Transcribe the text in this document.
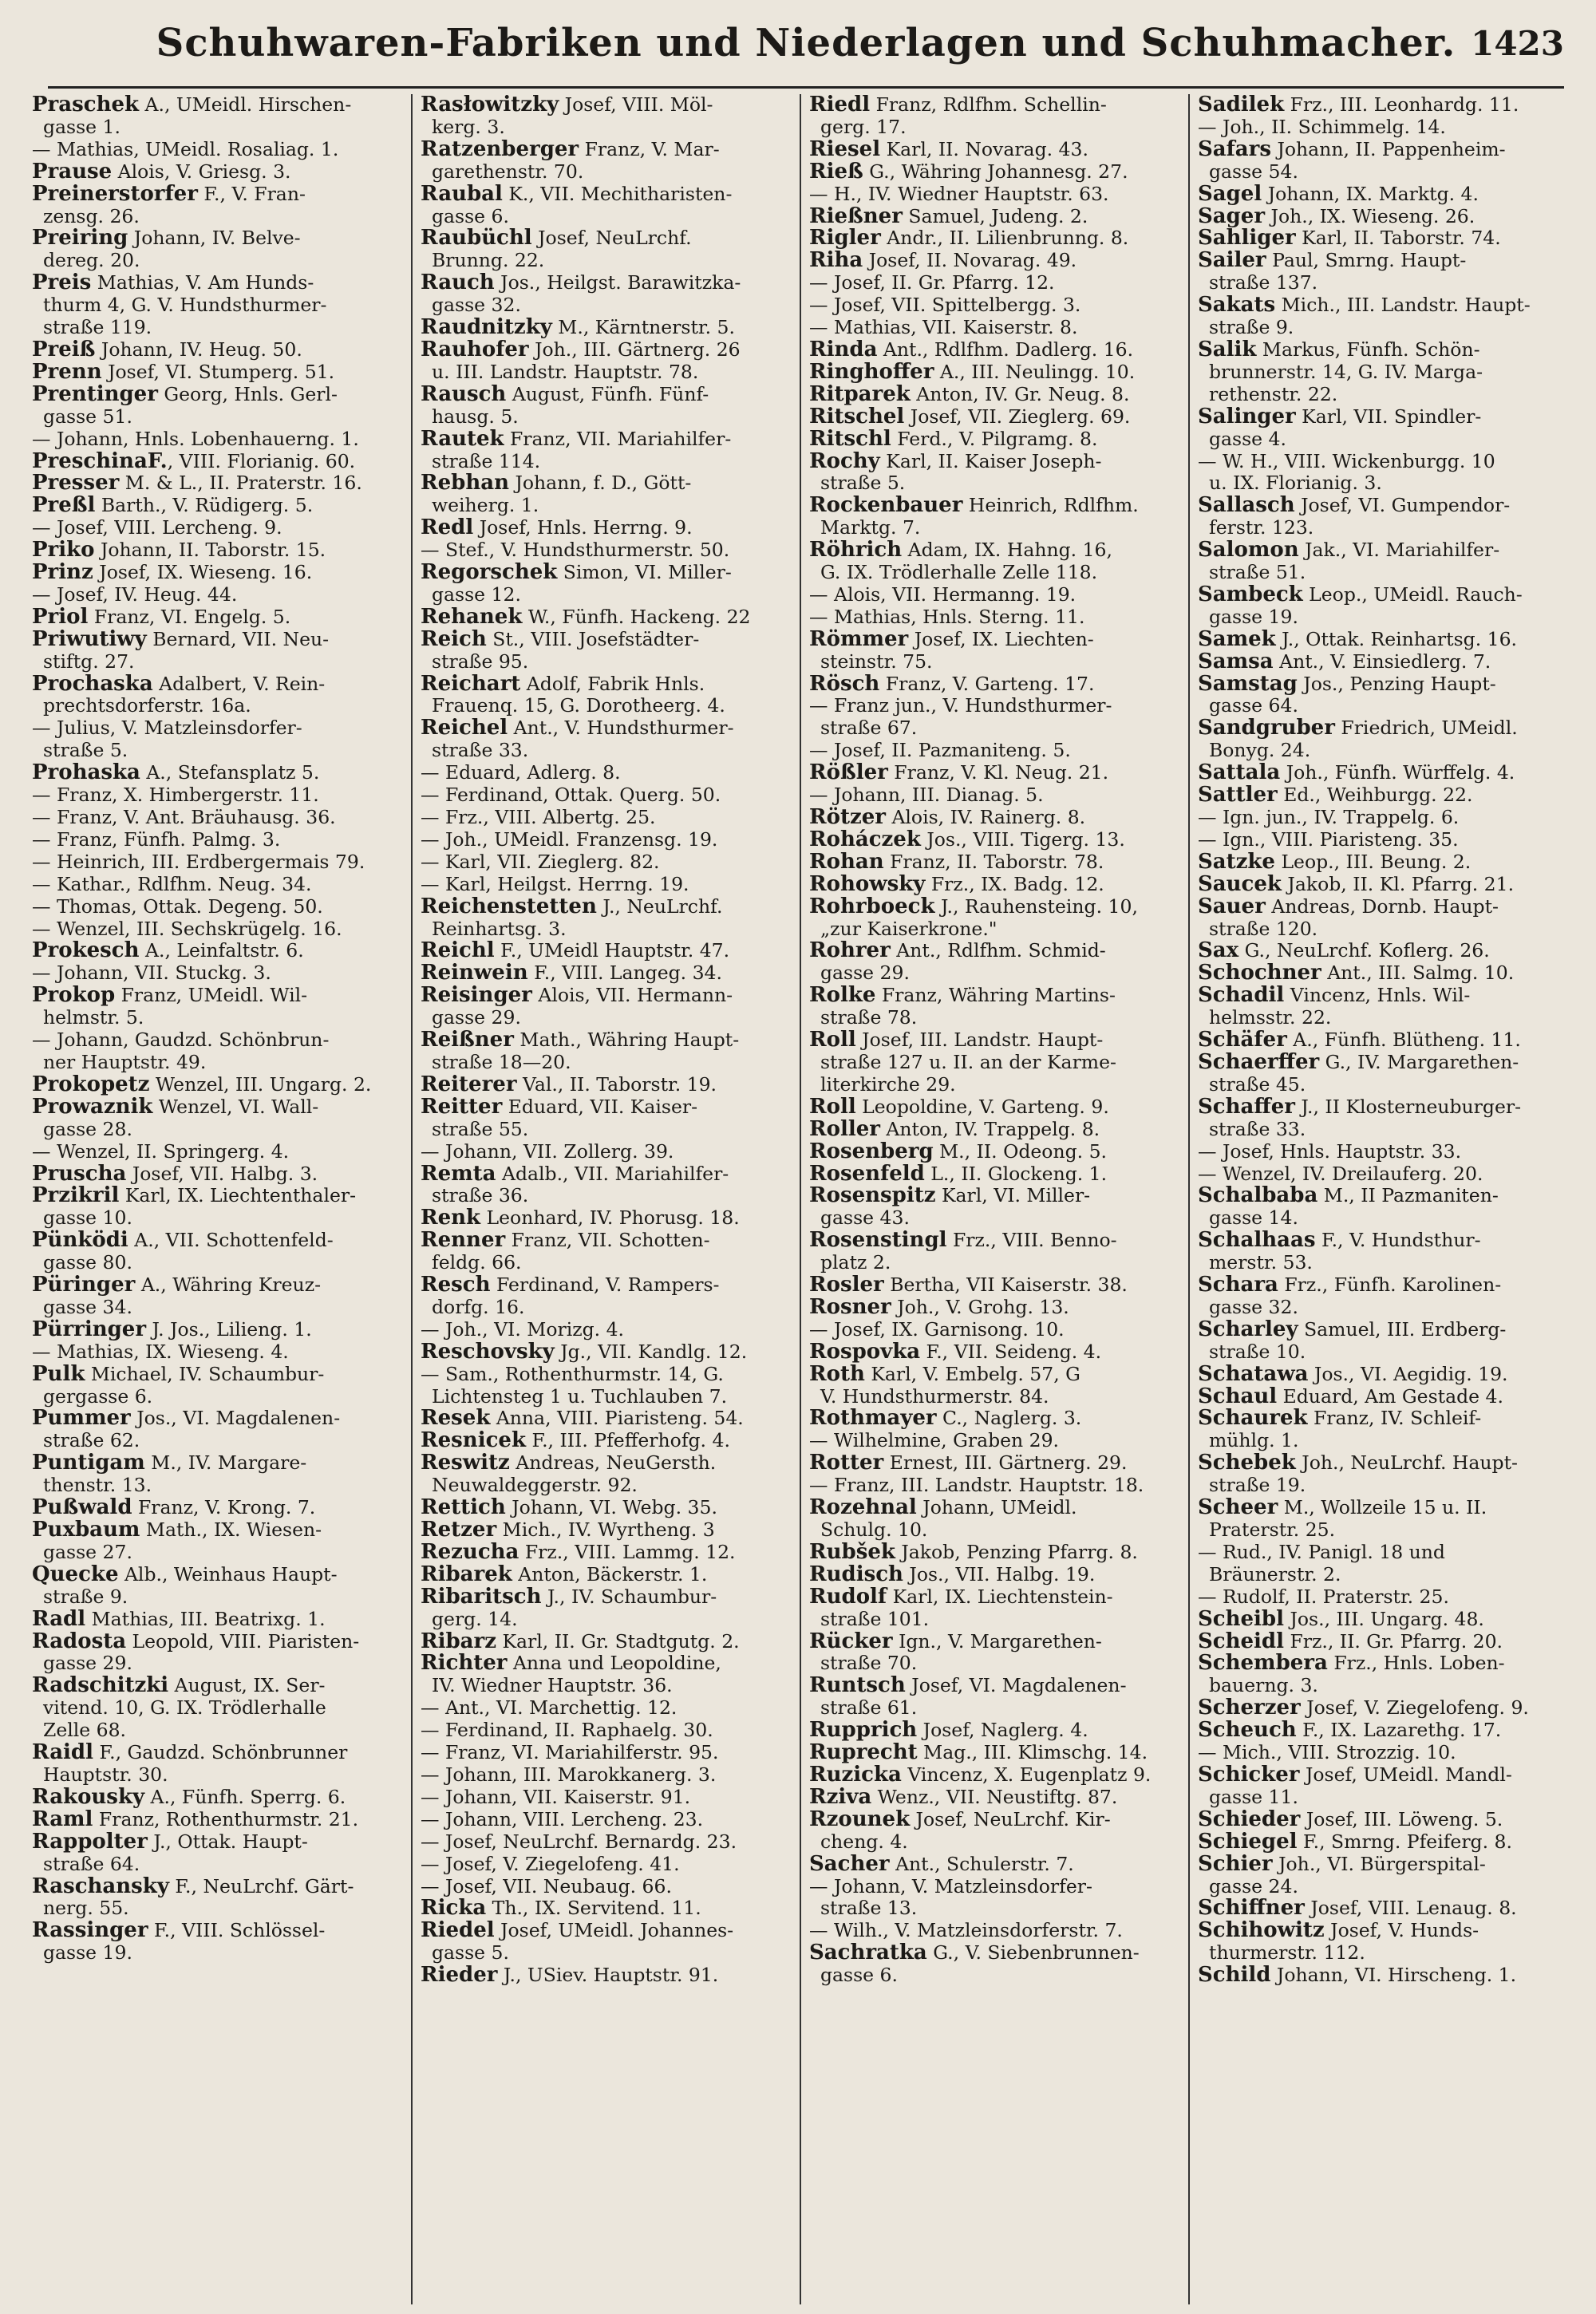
Schuhwaren-Fabriken und Niederlagen und Schuhmacher. 1423
Praschek A., UMeidl. Hirschen-
gasse 1.
— Mathias, UMeidl. Rosaliag. 1.
Prause Alois, V. Griesg. 3.
Preinerstorfer F., V. Fran-
zensg. 26.
Preiring Johann, IV. Belve-
dereg. 20.
Preis Mathias, V. Am Hunds-
thurm 4, G. V. Hundsthurmer-
straße 119.
Preiß Johann, IV. Heug. 50.
Prenn Josef, VI. Stumperg. 51.
Prentinger Georg, Hnls. Gerl-
gasse 51.
— Johann, Hnls. Lobenhauerng. 1.
PreschinaF., VIII. Florianig. 60.
Presser M. & L., II. Praterstr. 16.
Preßl Barth., V. Rüdigerg. 5.
— Josef, VIII. Lercheng. 9.
Priko Johann, II. Taborstr. 15.
Prinz Josef, IX. Wieseng. 16.
— Josef, IV. Heug. 44.
Priol Franz, VI. Engelg. 5.
Priwutiwy Bernard, VII. Neu-
stiftg. 27.
Prochaska Adalbert, V. Rein-
prechtsdorferstr. 16a.
— Julius, V. Matzleinsdorfer-
straße 5.
Prohaska A., Stefansplatz 5.
— Franz, X. Himbergerstr. 11.
— Franz, V. Ant. Bräuhausg. 36.
— Franz, Fünfh. Palmg. 3.
— Heinrich, III. Erdbergermais 79.
— Kathar., Rdlfhm. Neug. 34.
— Thomas, Ottak. Degeng. 50.
— Wenzel, III. Sechskrügelg. 16.
Prokesch A., Leinfaltstr. 6.
— Johann, VII. Stuckg. 3.
Prokop Franz, UMeidl. Wil-
helmstr. 5.
— Johann, Gaudzd. Schönbrun-
ner Hauptstr. 49.
Prokopetz Wenzel, III. Ungarg. 2.
Prowaznik Wenzel, VI. Wall-
gasse 28.
— Wenzel, II. Springerg. 4.
Pruscha Josef, VII. Halbg. 3.
Przikril Karl, IX. Liechtenthaler-
gasse 10.
Pünködi A., VII. Schottenfeld-
gasse 80.
Püringer A., Währing Kreuz-
gasse 34.
Pürringer J. Jos., Lilieng. 1.
— Mathias, IX. Wieseng. 4.
Pulk Michael, IV. Schaumbur-
gergasse 6.
Pummer Jos., VI. Magdalenen-
straße 62.
Puntigam M., IV. Margare-
thenstr. 13.
Pußwald Franz, V. Krong. 7.
Puxbaum Math., IX. Wiesen-
gasse 27.
Quecke Alb., Weinhaus Haupt-
straße 9.
Radl Mathias, III. Beatrixg. 1.
Radosta Leopold, VIII. Piaristen-
gasse 29.
Radschitzki August, IX. Ser-
vitend. 10, G. IX. Trödlerhalle
Zelle 68.
Raidl F., Gaudzd. Schönbrunner
Hauptstr. 30.
Rakousky A., Fünfh. Sperrg. 6.
Raml Franz, Rothenthurmstr. 21.
Rappolter J., Ottak. Haupt-
straße 64.
Raschansky F., NeuLrchf. Gärt-
nerg. 55.
Rassinger F., VIII. Schlössel-
gasse 19.
Rasłowitzky Josef, VIII. Möl-
kerg. 3.
Ratzenberger Franz, V. Mar-
garethenstr. 70.
Raubal K., VII. Mechitharisten-
gasse 6.
Raubüchl Josef, NeuLrchf.
Brunng. 22.
Rauch Jos., Heilgst. Barawitzka-
gasse 32.
Raudnitzky M., Kärntnerstr. 5.
Rauhofer Joh., III. Gärtnerg. 26
u. III. Landstr. Hauptstr. 78.
Rausch August, Fünfh. Fünf-
hausg. 5.
Rautek Franz, VII. Mariahilfer-
straße 114.
Rebhan Johann, f. D., Gött-
weiherg. 1.
Redl Josef, Hnls. Herrng. 9.
— Stef., V. Hundsthurmerstr. 50.
Regorschek Simon, VI. Miller-
gasse 12.
Rehanek W., Fünfh. Hackeng. 22
Reich St., VIII. Josefstädter-
straße 95.
Reichart Adolf, Fabrik Hnls.
Frauenq. 15, G. Dorotheerg. 4.
Reichel Ant., V. Hundsthurmer-
straße 33.
— Eduard, Adlerg. 8.
— Ferdinand, Ottak. Querg. 50.
— Frz., VIII. Albertg. 25.
— Joh., UMeidl. Franzensg. 19.
— Karl, VII. Zieglerg. 82.
— Karl, Heilgst. Herrng. 19.
Reichenstetten J., NeuLrchf.
Reinhartsg. 3.
Reichl F., UMeidl Hauptstr. 47.
Reinwein F., VIII. Langeg. 34.
Reisinger Alois, VII. Hermann-
gasse 29.
Reißner Math., Währing Haupt-
straße 18—20.
Reiterer Val., II. Taborstr. 19.
Reitter Eduard, VII. Kaiser-
straße 55.
— Johann, VII. Zollerg. 39.
Remta Adalb., VII. Mariahilfer-
straße 36.
Renk Leonhard, IV. Phorusg. 18.
Renner Franz, VII. Schotten-
feldg. 66.
Resch Ferdinand, V. Rampers-
dorfg. 16.
— Joh., VI. Morizg. 4.
Reschovsky Jg., VII. Kandlg. 12.
— Sam., Rothenthurmstr. 14, G.
Lichtensteg 1 u. Tuchlauben 7.
Resek Anna, VIII. Piaristeng. 54.
Resnicek F., III. Pfefferhofg. 4.
Reswitz Andreas, NeuGersth.
Neuwaldeggerstr. 92.
Rettich Johann, VI. Webg. 35.
Retzer Mich., IV. Wyrtheng. 3
Rezucha Frz., VIII. Lammg. 12.
Ribarek Anton, Bäckerstr. 1.
Ribaritsch J., IV. Schaumbur-
gerg. 14.
Ribarz Karl, II. Gr. Stadtgutg. 2.
Richter Anna und Leopoldine,
IV. Wiedner Hauptstr. 36.
— Ant., VI. Marchettig. 12.
— Ferdinand, II. Raphaelg. 30.
— Franz, VI. Mariahilferstr. 95.
— Johann, III. Marokkanerg. 3.
— Johann, VII. Kaiserstr. 91.
— Johann, VIII. Lercheng. 23.
— Josef, NeuLrchf. Bernardg. 23.
— Josef, V. Ziegelofeng. 41.
— Josef, VII. Neubaug. 66.
Ricka Th., IX. Servitend. 11.
Riedel Josef, UMeidl. Johannes-
gasse 5.
Rieder J., USiev. Hauptstr. 91.
Riedl Franz, Rdlfhm. Schellin-
gerg. 17.
Riesel Karl, II. Novarag. 43.
Rieß G., Währing Johannesg. 27.
— H., IV. Wiedner Hauptstr. 63.
Rießner Samuel, Judeng. 2.
Rigler Andr., II. Lilienbrunng. 8.
Riha Josef, II. Novarag. 49.
— Josef, II. Gr. Pfarrg. 12.
— Josef, VII. Spittelbergg. 3.
— Mathias, VII. Kaiserstr. 8.
Rinda Ant., Rdlfhm. Dadlerg. 16.
Ringhoffer A., III. Neulingg. 10.
Ritparek Anton, IV. Gr. Neug. 8.
Ritschel Josef, VII. Zieglerg. 69.
Ritschl Ferd., V. Pilgramg. 8.
Rochy Karl, II. Kaiser Joseph-
straße 5.
Rockenbauer Heinrich, Rdlfhm.
Marktg. 7.
Röhrich Adam, IX. Hahng. 16,
G. IX. Trödlerhalle Zelle 118.
— Alois, VII. Hermanng. 19.
— Mathias, Hnls. Sterng. 11.
Römmer Josef, IX. Liechten-
steinstr. 75.
Rösch Franz, V. Garteng. 17.
— Franz jun., V. Hundsthurmer-
straße 67.
— Josef, II. Pazmaniteng. 5.
Rößler Franz, V. Kl. Neug. 21.
— Johann, III. Dianag. 5.
Rötzer Alois, IV. Rainerg. 8.
Roháczek Jos., VIII. Tigerg. 13.
Rohan Franz, II. Taborstr. 78.
Rohowsky Frz., IX. Badg. 12.
Rohrboeck J., Rauhensteing. 10,
„zur Kaiserkrone."
Rohrer Ant., Rdlfhm. Schmid-
gasse 29.
Rolke Franz, Währing Martins-
straße 78.
Roll Josef, III. Landstr. Haupt-
straße 127 u. II. an der Karme-
literkirche 29.
Roll Leopoldine, V. Garteng. 9.
Roller Anton, IV. Trappelg. 8.
Rosenberg M., II. Odeong. 5.
Rosenfeld L., II. Glockeng. 1.
Rosenspitz Karl, VI. Miller-
gasse 43.
Rosenstingl Frz., VIII. Benno-
platz 2.
Rosler Bertha, VII Kaiserstr. 38.
Rosner Joh., V. Grohg. 13.
— Josef, IX. Garnisong. 10.
Rospovka F., VII. Seideng. 4.
Roth Karl, V. Embelg. 57, G
V. Hundsthurmerstr. 84.
Rothmayer C., Naglerg. 3.
— Wilhelmine, Graben 29.
Rotter Ernest, III. Gärtnerg. 29.
— Franz, III. Landstr. Hauptstr. 18.
Rozehnal Johann, UMeidl.
Schulg. 10.
Rubšek Jakob, Penzing Pfarrg. 8.
Rudisch Jos., VII. Halbg. 19.
Rudolf Karl, IX. Liechtenstein-
straße 101.
Rücker Ign., V. Margarethen-
straße 70.
Runtsch Josef, VI. Magdalenen-
straße 61.
Rupprich Josef, Naglerg. 4.
Ruprecht Mag., III. Klimschg. 14.
Ruzicka Vincenz, X. Eugenplatz 9.
Rziva Wenz., VII. Neustiftg. 87.
Rzounek Josef, NeuLrchf. Kir-
cheng. 4.
Sacher Ant., Schulerstr. 7.
— Johann, V. Matzleinsdorfer-
straße 13.
— Wilh., V. Matzleinsdorferstr. 7.
Sachratka G., V. Siebenbrunnen-
gasse 6.
Sadilek Frz., III. Leonhardg. 11.
— Joh., II. Schimmelg. 14.
Safars Johann, II. Pappenheim-
gasse 54.
Sagel Johann, IX. Marktg. 4.
Sager Joh., IX. Wieseng. 26.
Sahliger Karl, II. Taborstr. 74.
Sailer Paul, Smrng. Haupt-
straße 137.
Sakats Mich., III. Landstr. Haupt-
straße 9.
Salik Markus, Fünfh. Schön-
brunnerstr. 14, G. IV. Marga-
rethenstr. 22.
Salinger Karl, VII. Spindler-
gasse 4.
— W. H., VIII. Wickenburgg. 10
u. IX. Florianig. 3.
Sallasch Josef, VI. Gumpendor-
ferstr. 123.
Salomon Jak., VI. Mariahilfer-
straße 51.
Sambeck Leop., UMeidl. Rauch-
gasse 19.
Samek J., Ottak. Reinhartsg. 16.
Samsa Ant., V. Einsiedlerg. 7.
Samstag Jos., Penzing Haupt-
gasse 64.
Sandgruber Friedrich, UMeidl.
Bonyg. 24.
Sattala Joh., Fünfh. Würffelg. 4.
Sattler Ed., Weihburgg. 22.
— Ign. jun., IV. Trappelg. 6.
— Ign., VIII. Piaristeng. 35.
Satzke Leop., III. Beung. 2.
Saucek Jakob, II. Kl. Pfarrg. 21.
Sauer Andreas, Dornb. Haupt-
straße 120.
Sax G., NeuLrchf. Koflerg. 26.
Schochner Ant., III. Salmg. 10.
Schadil Vincenz, Hnls. Wil-
helmsstr. 22.
Schäfer A., Fünfh. Blütheng. 11.
Schaerffer G., IV. Margarethen-
straße 45.
Schaffer J., II Klosterneuburger-
straße 33.
— Josef, Hnls. Hauptstr. 33.
— Wenzel, IV. Dreilauferg. 20.
Schalbaba M., II Pazmaniten-
gasse 14.
Schalhaas F., V. Hundsthur-
merstr. 53.
Schara Frz., Fünfh. Karolinen-
gasse 32.
Scharley Samuel, III. Erdberg-
straße 10.
Schatawa Jos., VI. Aegidig. 19.
Schaul Eduard, Am Gestade 4.
Schaurek Franz, IV. Schleif-
mühlg. 1.
Schebek Joh., NeuLrchf. Haupt-
straße 19.
Scheer M., Wollzeile 15 u. II.
Praterstr. 25.
— Rud., IV. Panigl. 18 und
Bräunerstr. 2.
— Rudolf, II. Praterstr. 25.
Scheibl Jos., III. Ungarg. 48.
Scheidl Frz., II. Gr. Pfarrg. 20.
Schembera Frz., Hnls. Loben-
bauerng. 3.
Scherzer Josef, V. Ziegelofeng. 9.
Scheuch F., IX. Lazarethg. 17.
— Mich., VIII. Strozzig. 10.
Schicker Josef, UMeidl. Mandl-
gasse 11.
Schieder Josef, III. Löweng. 5.
Schiegel F., Smrng. Pfeiferg. 8.
Schier Joh., VI. Bürgerspital-
gasse 24.
Schiffner Josef, VIII. Lenaug. 8.
Schihowitz Josef, V. Hunds-
thurmerstr. 112.
Schild Johann, VI. Hirscheng. 1.
